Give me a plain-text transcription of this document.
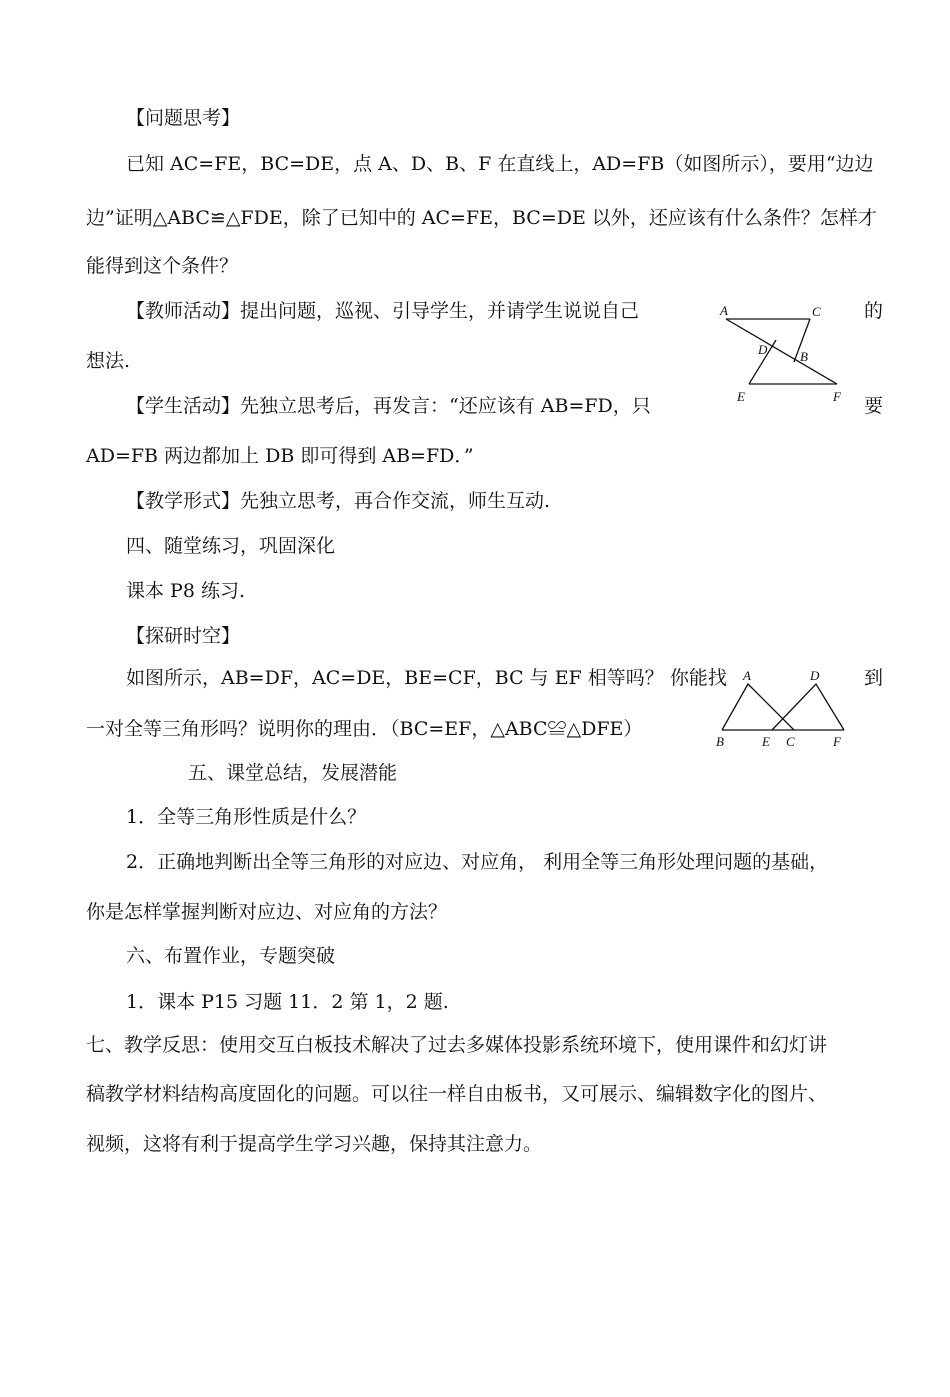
【问题思考】
已知 AC=FE，BC=DE，点 A、D、B、F 在直线上，AD=FB（如图所示），要用“边边
边”证明△ABC≌△FDE，除了已知中的 AC=FE，BC=DE 以外，还应该有什么条件？怎样才
能得到这个条件？
【教师活动】提出问题，巡视、引导学生，并请学生说说自己	的
想法.
【学生活动】先独立思考后，再发言：“还应该有 AB=FD，只	要
AD=FB 两边都加上 DB 即可得到 AB=FD．”
【教学形式】先独立思考，再合作交流，师生互动.
四、随堂练习，巩固深化
课本 P8 练习.
【探研时空】
如图所示，AB=DF，AC=DE，BE=CF，BC 与 EF 相等吗？ 你能找	到
一对全等三角形吗？说明你的理由．（BC=EF，△ABC≌△DFE）
五、课堂总结，发展潜能
1．全等三角形性质是什么？
2．正确地判断出全等三角形的对应边、对应角， 利用全等三角形处理问题的基础，
你是怎样掌握判断对应边、对应角的方法？
六、布置作业，专题突破
1．课本 P15 习题 11．2 第 1，2 题.
七、教学反思：使用交互白板技术解决了过去多媒体投影系统环境下，使用课件和幻灯讲
稿教学材料结构高度固化的问题。可以往一样自由板书，又可展示、编辑数字化的图片、
视频，这将有利于提高学生学习兴趣，保持其注意力。
A	C
D	B
E	F
A	D
B	E C	F
